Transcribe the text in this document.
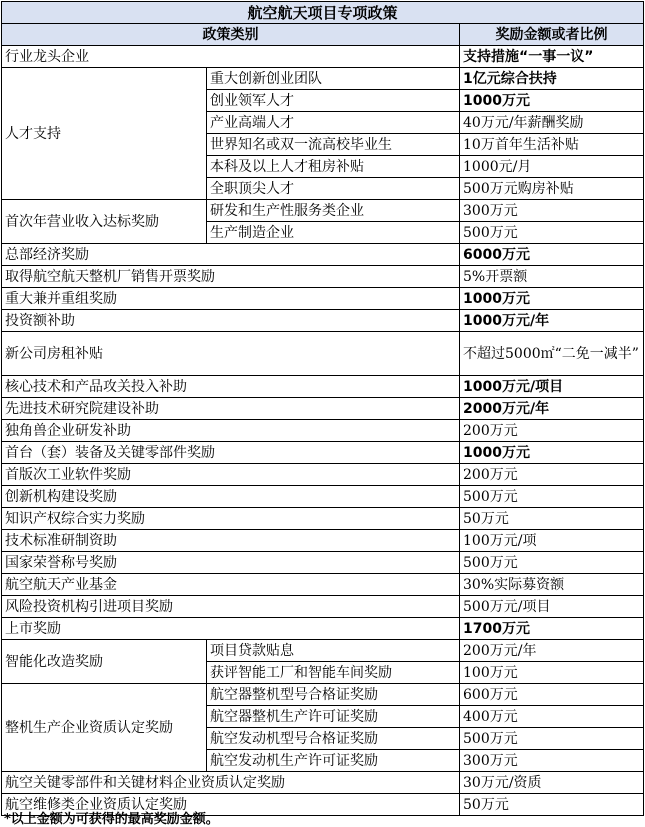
航空航天项目专项政策		
政策类别		奖励金额或者比例
行业龙头企业		支持措施“一事一议”
人才支持	重大创新创业团队	1亿元综合扶持
	创业领军人才	1000万元
	产业高端人才	40万元/年薪酬奖励
	世界知名或双一流高校毕业生	10万首年生活补贴
	本科及以上人才租房补贴	1000元/月
	全职顶尖人才	500万元购房补贴
首次年营业收入达标奖励	研发和生产性服务类企业	300万元
	生产制造企业	500万元
总部经济奖励		6000万元
取得航空航天整机厂销售开票奖励		5%开票额
重大兼并重组奖励		1000万元
投资额补助		1000万元/年
新公司房租补贴		不超过5000㎡“二免一减半”
核心技术和产品攻关投入补助		1000万元/项目
先进技术研究院建设补助		2000万元/年
独角兽企业研发补助		200万元
首台（套）装备及关键零部件奖励		1000万元
首版次工业软件奖励		200万元
创新机构建设奖励		500万元
知识产权综合实力奖励		50万元
技术标准研制资助		100万元/项
国家荣誉称号奖励		500万元
航空航天产业基金		30%实际募资额
风险投资机构引进项目奖励		500万元/项目
上市奖励		1700万元
智能化改造奖励	项目贷款贴息	200万元/年
	获评智能工厂和智能车间奖励	100万元
整机生产企业资质认定奖励	航空器整机型号合格证奖励	600万元
	航空器整机生产许可证奖励	400万元
	航空发动机型号合格证奖励	500万元
	航空发动机生产许可证奖励	300万元
航空关键零部件和关键材料企业资质认定奖励		30万元/资质
航空维修类企业资质认定奖励		50万元
*以上金额为可获得的最高奖励金额。
